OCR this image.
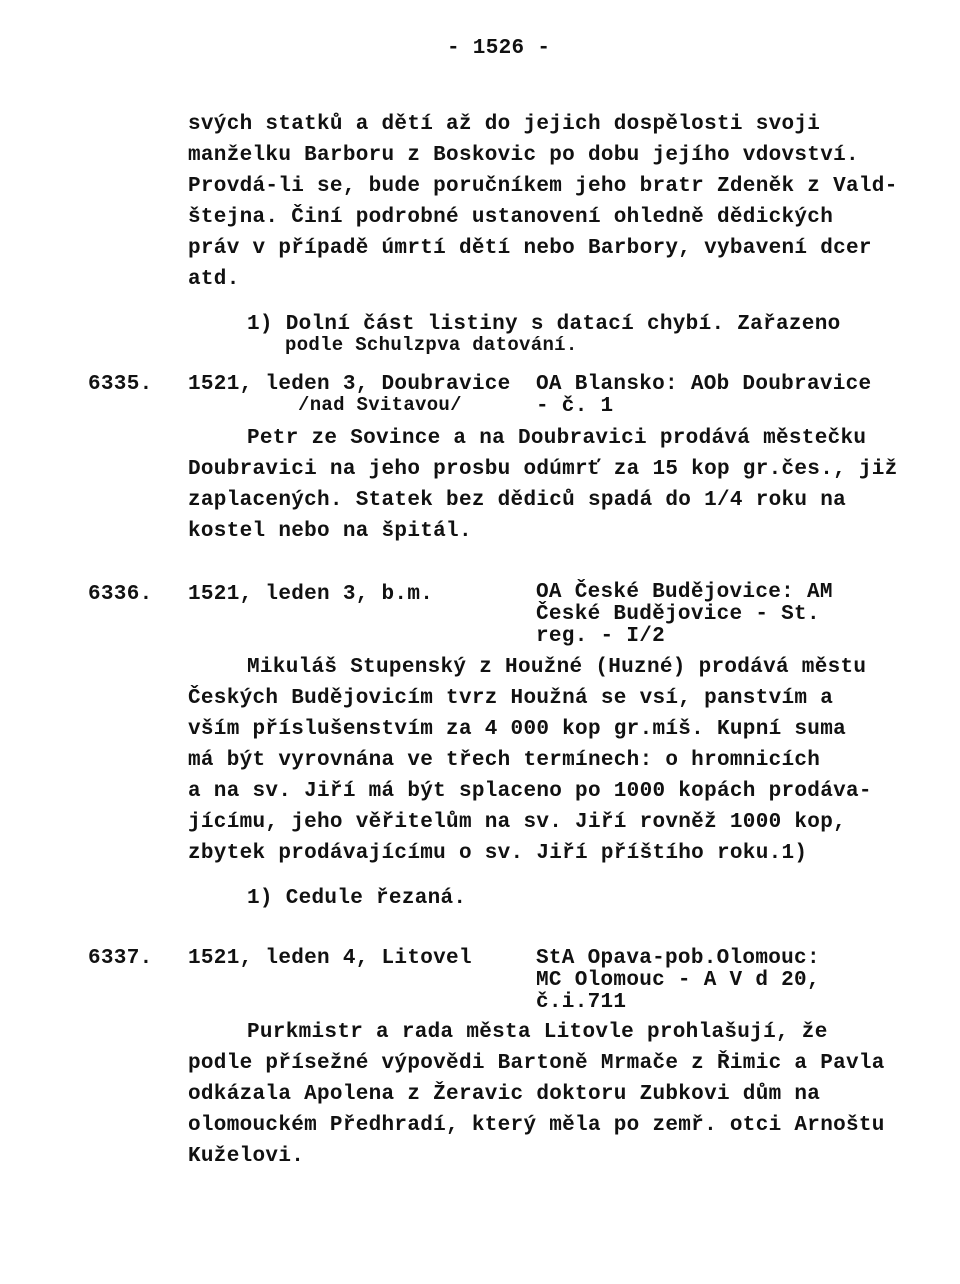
- 1526 -
svých statků a dětí až do jejich dospělosti svoji
manželku Barboru z Boskovic po dobu jejího vdovství.
Provdá-li se, bude poručníkem jeho bratr Zdeněk z Vald-
štejna. Činí podrobné ustanovení ohledně dědických
práv v případě úmrtí dětí nebo Barbory, vybavení dcer
atd.
1) Dolní část listiny s datací chybí. Zařazeno
podle Schulzpva datování.
6335. 1521, leden 3, Doubravice
/nad Svitavou/
OA Blansko: AOb Doubravice
- č. 1
Petr ze Sovince a na Doubravici prodává městečku
Doubravici na jeho prosbu odúmrť za 15 kop gr.čes., již
zaplacených. Statek bez dědiců spadá do 1/4 roku na
kostel nebo na špitál.
6336. 1521, leden 3, b.m.	OA České Budějovice: AM
České Budějovice - St.
reg. - I/2
Mikuláš Stupenský z Houžné (Huzné) prodává městu
Českých Budějovicím tvrz Houžná se vsí, panstvím a
vším příslušenstvím za 4 000 kop gr.míš. Kupní suma
má být vyrovnána ve třech termínech: o hromnicích
a na sv. Jiří má být splaceno po 1000 kopách prodáva-
jícímu, jeho věřitelům na sv. Jiří rovněž 1000 kop,
zbytek prodávajícímu o sv. Jiří příštího roku.1)
1) Cedule řezaná.
6337. 1521, leden 4, Litovel	StA Opava-pob.Olomouc:
MC Olomouc - A V d 20,
č.i.711
Purkmistr a rada města Litovle prohlašují, že
podle přísežné výpovědi Bartoně Mrmače z Řimic a Pavla
odkázala Apolena z Žeravic doktoru Zubkovi dům na
olomouckém Předhradí, který měla po zemř. otci Arnoštu
Kuželovi.
